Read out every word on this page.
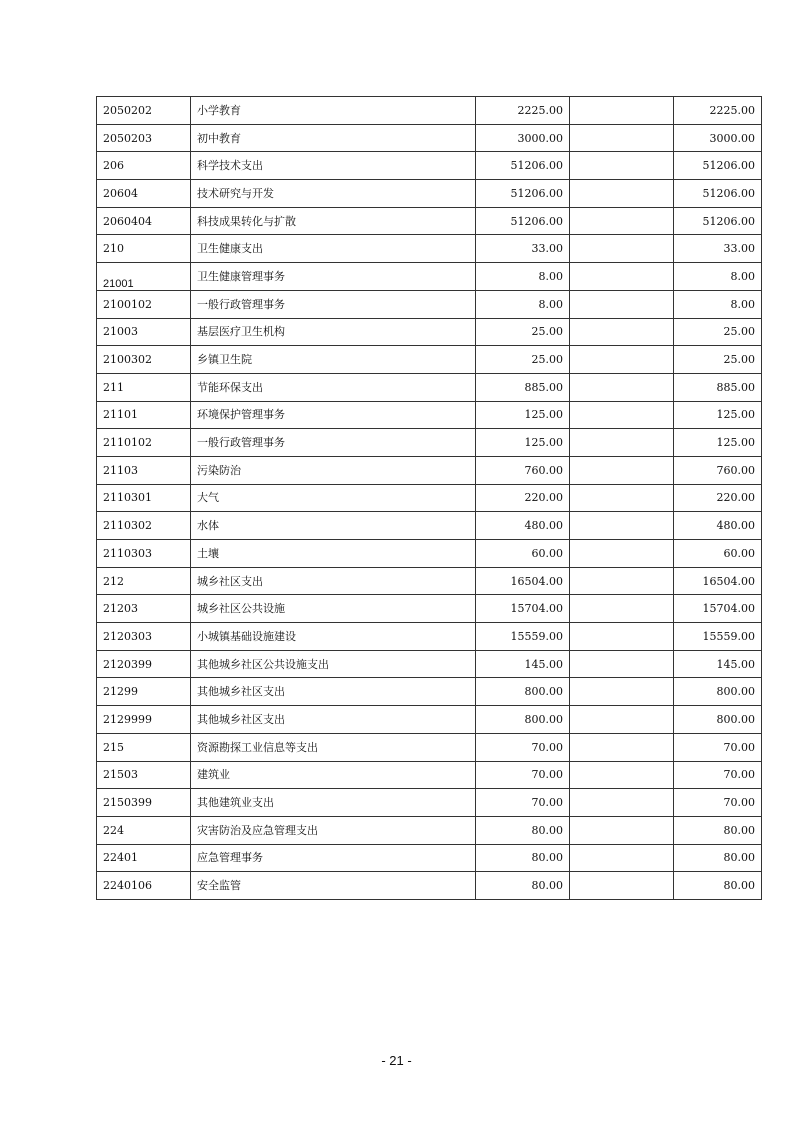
2050202	小学教育	2225.00		2225.00
2050203	初中教育	3000.00		3000.00
206	科学技术支出	51206.00		51206.00
20604	技术研究与开发	51206.00		51206.00
2060404	科技成果转化与扩散	51206.00		51206.00
210	卫生健康支出	33.00		33.00
21001	卫生健康管理事务	8.00		8.00
2100102	一般行政管理事务	8.00		8.00
21003	基层医疗卫生机构	25.00		25.00
2100302	乡镇卫生院	25.00		25.00
211	节能环保支出	885.00		885.00
21101	环境保护管理事务	125.00		125.00
2110102	一般行政管理事务	125.00		125.00
21103	污染防治	760.00		760.00
2110301	大气	220.00		220.00
2110302	水体	480.00		480.00
2110303	土壤	60.00		60.00
212	城乡社区支出	16504.00		16504.00
21203	城乡社区公共设施	15704.00		15704.00
2120303	小城镇基础设施建设	15559.00		15559.00
2120399	其他城乡社区公共设施支出	145.00		145.00
21299	其他城乡社区支出	800.00		800.00
2129999	其他城乡社区支出	800.00		800.00
215	资源勘探工业信息等支出	70.00		70.00
21503	建筑业	70.00		70.00
2150399	其他建筑业支出	70.00		70.00
224	灾害防治及应急管理支出	80.00		80.00
22401	应急管理事务	80.00		80.00
2240106	安全监管	80.00		80.00
- 21 -
